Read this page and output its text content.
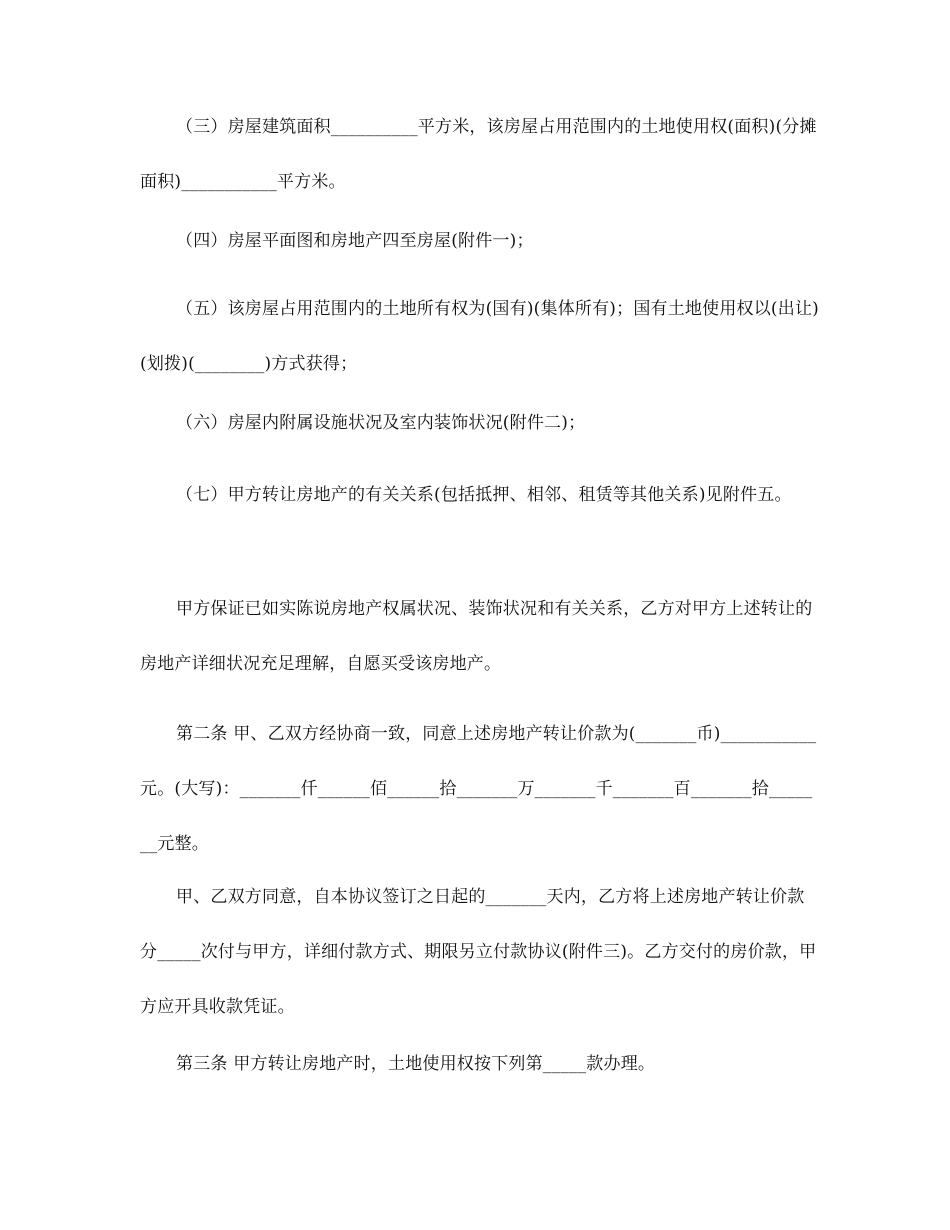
（三）房屋建筑面积__________平方米，该房屋占用范围内的土地使用权(面积)(分摊面积)___________平方米。

（四）房屋平面图和房地产四至房屋(附件一)；

（五）该房屋占用范围内的土地所有权为(国有)(集体所有)；国有土地使用权以(出让)(划拨)(________)方式获得；

（六）房屋内附属设施状况及室内装饰状况(附件二)；

（七）甲方转让房地产的有关关系(包括抵押、相邻、租赁等其他关系)见附件五。

甲方保证已如实陈说房地产权属状况、装饰状况和有关关系，乙方对甲方上述转让的房地产详细状况充足理解，自愿买受该房地产。

第二条 甲、乙双方经协商一致，同意上述房地产转让价款为(_______币)___________元。(大写)：_______仟______佰______拾_______万_______千_______百_______拾_______元整。

甲、乙双方同意，自本协议签订之日起的_______天内，乙方将上述房地产转让价款分_____次付与甲方，详细付款方式、期限另立付款协议(附件三)。乙方交付的房价款，甲方应开具收款凭证。

第三条 甲方转让房地产时，土地使用权按下列第_____款办理。
